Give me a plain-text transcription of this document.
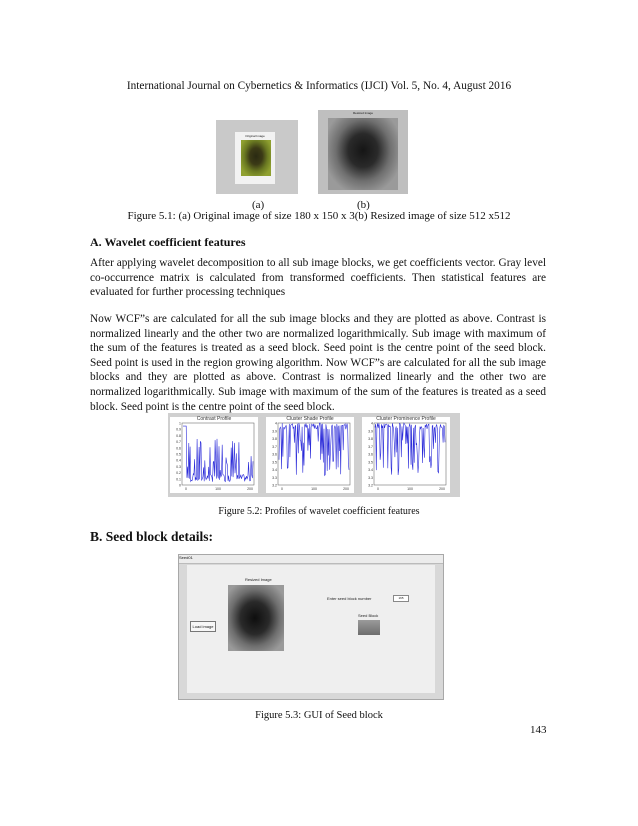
International Journal on Cybernetics & Informatics (IJCI) Vol. 5, No. 4, August 2016
Original Image
Resized Image
(a)	(b)
Figure 5.1: (a) Original image of size 180 x 150 x 3(b) Resized image of size 512 x512
A. Wavelet coefficient features
After applying wavelet decomposition to all sub image blocks, we get coefficients vector. Gray level co-occurrence matrix is calculated from transformed coefficients. Then statistical features are evaluated for further processing techniques
Now WCF”s are calculated for all the sub image blocks and they are plotted as above. Contrast is normalized linearly and the other two are normalized logarithmically. Sub image with maximum of the sum of the features is treated as a seed block. Seed point is the centre point of the seed block. Seed point is used in the region growing algorithm. Now WCF”s are calculated for all the sub image blocks and they are plotted as above. Contrast is normalized linearly and the other two are normalized logarithmically. Sub image with maximum of the sum of the features is treated as a seed block. Seed point is the centre point of the seed block.
Contrast Profile
1
0.9
0.8
0.7
0.6
0.5
0.4
0.3
0.2
0.1
0
0	100	200
Cluster Shade Profile
4
3.9
3.8
3.7
3.6
3.5
3.4
3.3
3.2
0	100	200
Cluster Prominence Profile
4
3.9
3.8
3.7
3.6
3.5
3.4
3.3
3.2
0	100	200
Figure 5.2: Profiles of wavelet coefficient features
B. Seed block details:
Seed01
Resized Image
Load image
Enter seed block number	165
Seed Block
Figure 5.3: GUI of Seed block
143
